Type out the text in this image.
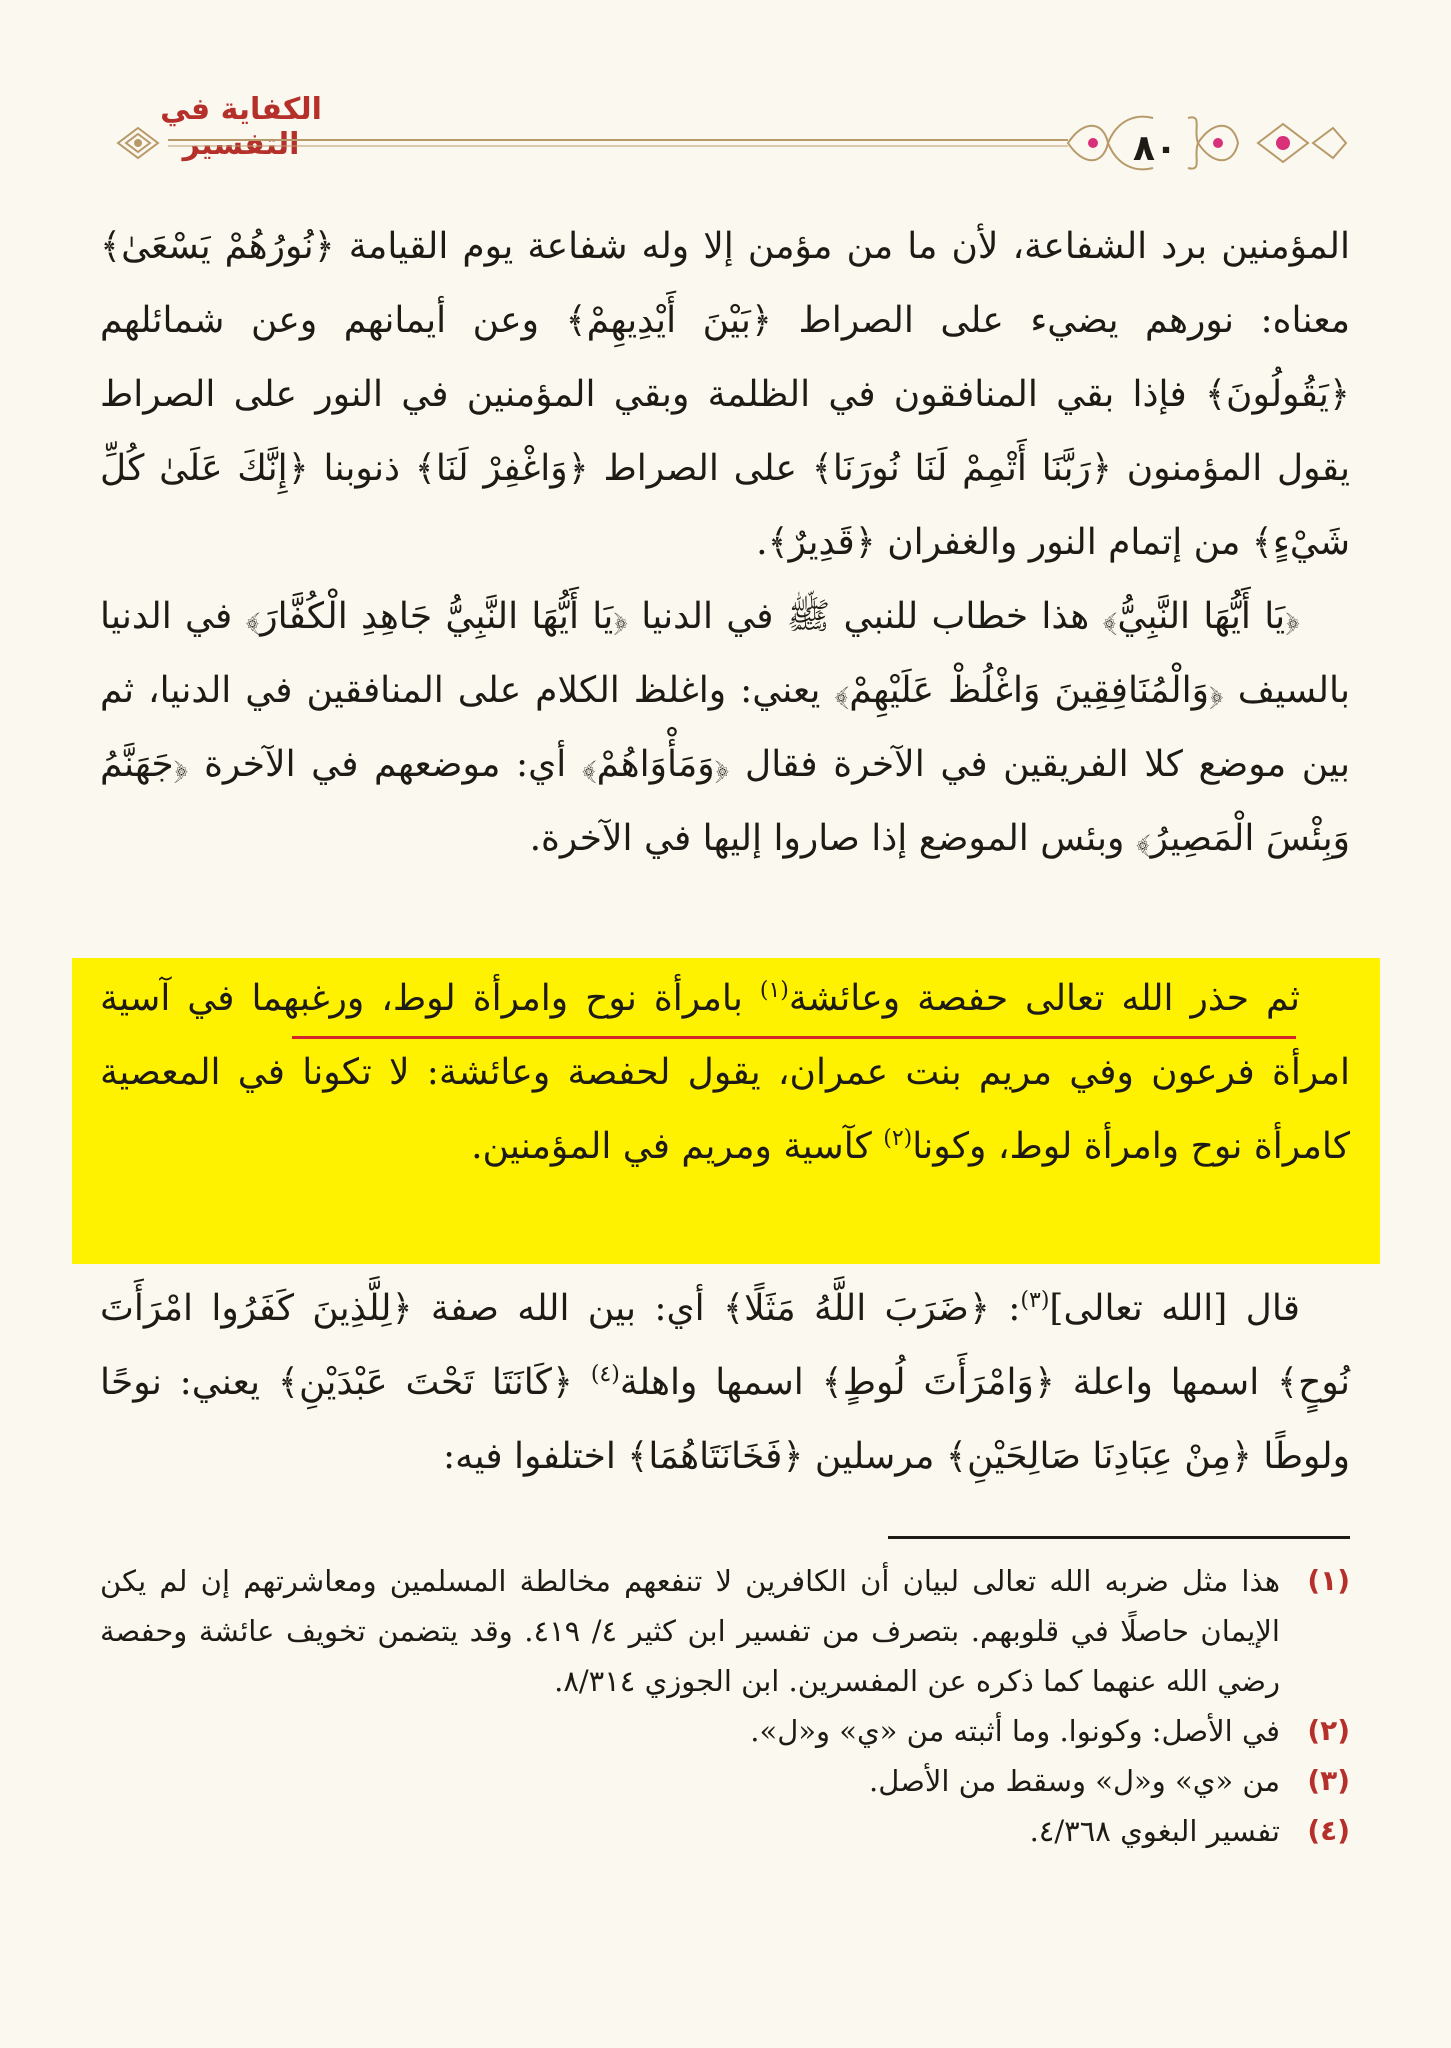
الكفاية في التفسير	٨٠

المؤمنين برد الشفاعة، لأن ما من مؤمن إلا وله شفاعة يوم القيامة ﴿نُورُهُمْ يَسْعَىٰ﴾ معناه: نورهم يضيء على الصراط ﴿بَيْنَ أَيْدِيهِمْ﴾ وعن أيمانهم وعن شمائلهم ﴿يَقُولُونَ﴾ فإذا بقي المنافقون في الظلمة وبقي المؤمنين في النور على الصراط يقول المؤمنون ﴿رَبَّنَا أَتْمِمْ لَنَا نُورَنَا﴾ على الصراط ﴿وَاغْفِرْ لَنَا﴾ ذنوبنا ﴿إِنَّكَ عَلَىٰ كُلِّ شَيْءٍ﴾ من إتمام النور والغفران ﴿قَدِيرٌ﴾.

﴿يَا أَيُّهَا النَّبِيُّ﴾ هذا خطاب للنبي ﷺ في الدنيا ﴿يَا أَيُّهَا النَّبِيُّ جَاهِدِ الْكُفَّارَ﴾ في الدنيا بالسيف ﴿وَالْمُنَافِقِينَ وَاغْلُظْ عَلَيْهِمْ﴾ يعني: واغلظ الكلام على المنافقين في الدنيا، ثم بين موضع كلا الفريقين في الآخرة فقال ﴿وَمَأْوَاهُمْ﴾ أي: موضعهم في الآخرة ﴿جَهَنَّمُ وَبِئْسَ الْمَصِيرُ﴾ وبئس الموضع إذا صاروا إليها في الآخرة.

ثم حذر الله تعالى حفصة وعائشة$^{(١)}$ بامرأة نوح وامرأة لوط، ورغبهما في آسية امرأة فرعون وفي مريم بنت عمران، يقول لحفصة وعائشة: لا تكونا في المعصية كامرأة نوح وامرأة لوط، وكونا$^{(٢)}$ كآسية ومريم في المؤمنين.

قال [الله تعالى]$^{(٣)}$: ﴿ضَرَبَ اللَّهُ مَثَلًا﴾ أي: بين الله صفة ﴿لِلَّذِينَ كَفَرُوا امْرَأَتَ نُوحٍ﴾ اسمها واعلة ﴿وَامْرَأَتَ لُوطٍ﴾ اسمها واهلة$^{(٤)}$ ﴿كَانَتَا تَحْتَ عَبْدَيْنِ﴾ يعني: نوحًا ولوطًا ﴿مِنْ عِبَادِنَا صَالِحَيْنِ﴾ مرسلين ﴿فَخَانَتَاهُمَا﴾ اختلفوا فيه:

(١)
هذا مثل ضربه الله تعالى لبيان أن الكافرين لا تنفعهم مخالطة المسلمين ومعاشرتهم إن لم يكن الإيمان حاصلًا في قلوبهم. بتصرف من تفسير ابن كثير ٤/ ٤١٩. وقد يتضمن تخويف عائشة وحفصة رضي الله عنهما كما ذكره عن المفسرين. ابن الجوزي ٨/٣١٤.
(٢)
في الأصل: وكونوا. وما أثبته من «ي» و«ل».
(٣)
من «ي» و«ل» وسقط من الأصل.
(٤)
تفسير البغوي ٤/٣٦٨.
